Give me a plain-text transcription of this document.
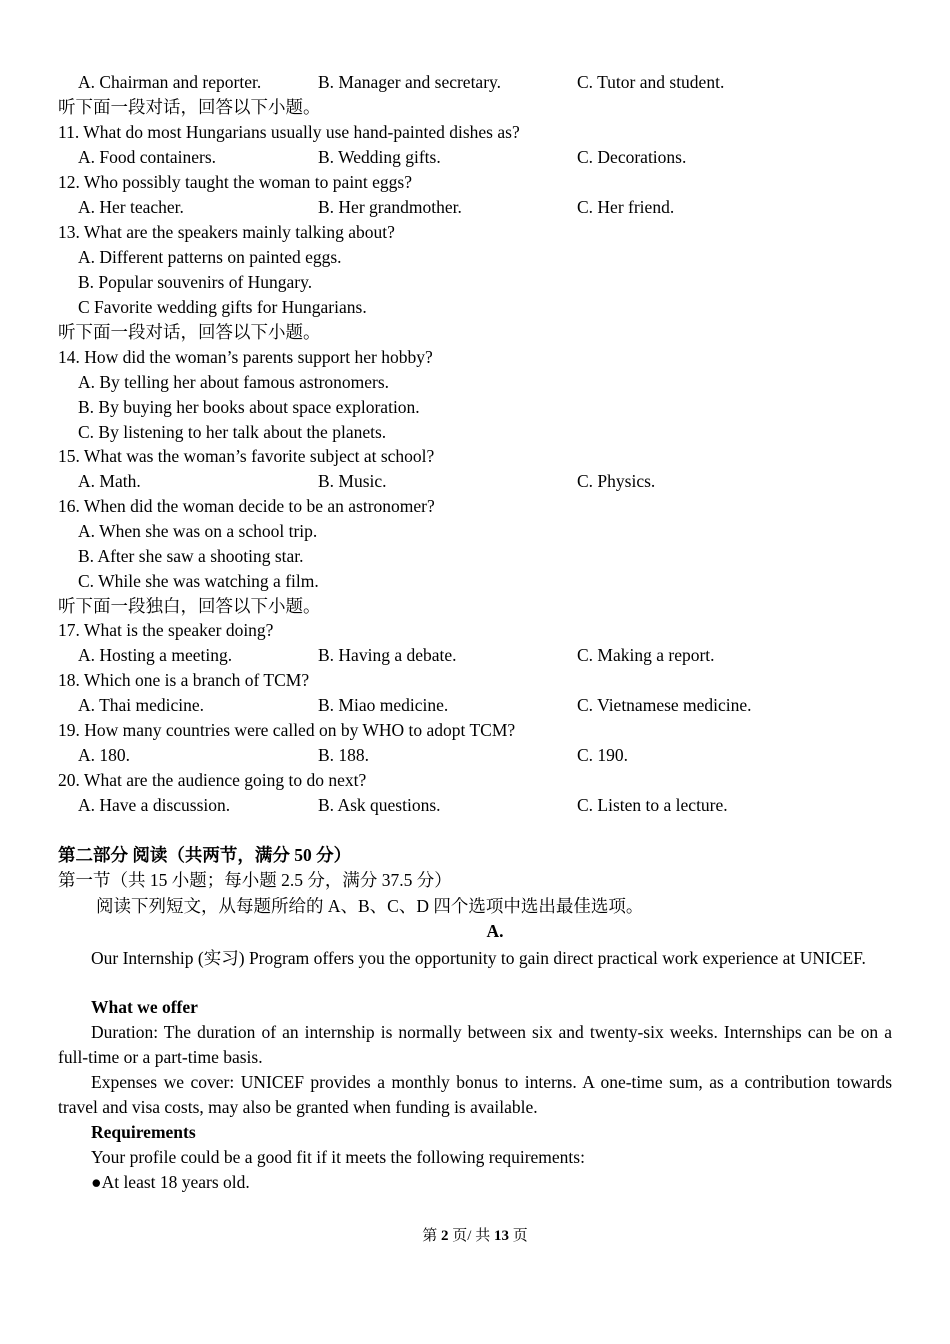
A. Chairman and reporter.	B. Manager and secretary.	C. Tutor and student.
听下面一段对话，回答以下小题。
11. What do most Hungarians usually use hand-painted dishes as?
A. Food containers.	B. Wedding gifts.	C. Decorations.
12. Who possibly taught the woman to paint eggs?
A. Her teacher.	B. Her grandmother.	C. Her friend.
13. What are the speakers mainly talking about?
A. Different patterns on painted eggs.
B. Popular souvenirs of Hungary.
C Favorite wedding gifts for Hungarians.
听下面一段对话，回答以下小题。
14. How did the woman’s parents support her hobby?
A. By telling her about famous astronomers.
B. By buying her books about space exploration.
C. By listening to her talk about the planets.
15. What was the woman’s favorite subject at school?
A. Math.	B. Music.	C. Physics.
16. When did the woman decide to be an astronomer?
A. When she was on a school trip.
B. After she saw a shooting star.
C. While she was watching a film.
听下面一段独白，回答以下小题。
17. What is the speaker doing?
A. Hosting a meeting.	B. Having a debate.	C. Making a report.
18. Which one is a branch of TCM?
A. Thai medicine.	B. Miao medicine.	C. Vietnamese medicine.
19. How many countries were called on by WHO to adopt TCM?
A. 180.	B. 188.	C. 190.
20. What are the audience going to do next?
A. Have a discussion.	B. Ask questions.	C. Listen to a lecture.
第二部分 阅读（共两节，满分 50 分）
第一节（共 15 小题；每小题 2.5 分，满分 37.5 分）
阅读下列短文，从每题所给的 A、B、C、D 四个选项中选出最佳选项。
A.
Our Internship (实习) Program offers you the opportunity to gain direct practical work experience at UNICEF.
What we offer
Duration: The duration of an internship is normally between six and twenty-six weeks. Internships can be on a full-time or a part-time basis.
Expenses we cover: UNICEF provides a monthly bonus to interns. A one-time sum, as a contribution towards travel and visa costs, may also be granted when funding is available.
Requirements
Your profile could be a good fit if it meets the following requirements:
●At least 18 years old.
第 2 页/ 共 13 页
